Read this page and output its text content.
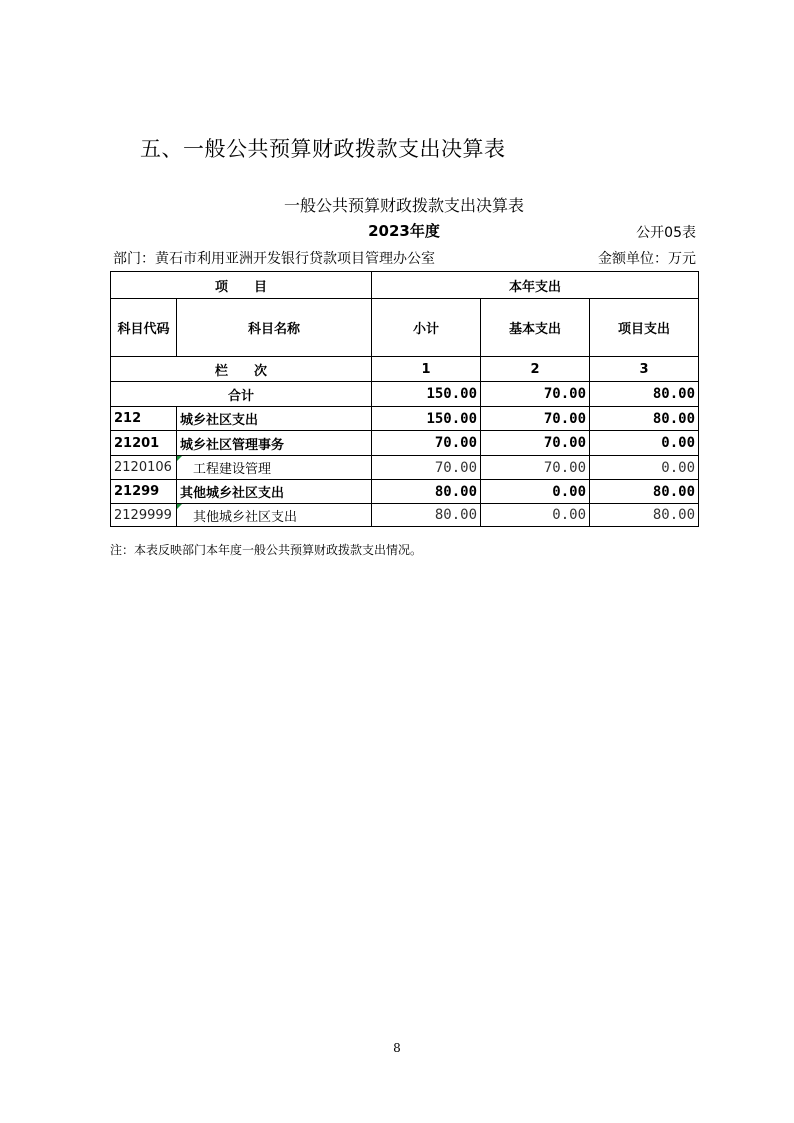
五、一般公共预算财政拨款支出决算表
一般公共预算财政拨款支出决算表
2023年度	公开05表
部门：黄石市利用亚洲开发银行贷款项目管理办公室	金额单位：万元
项　　目		本年支出		
科目代码	科目名称	小计	基本支出	项目支出
栏　　次		1	2	3
合计		150.00	70.00	80.00
212	城乡社区支出	150.00	70.00	80.00
21201	城乡社区管理事务	70.00	70.00	0.00
2120106	工程建设管理	70.00	70.00	0.00
21299	其他城乡社区支出	80.00	0.00	80.00
2129999	其他城乡社区支出	80.00	0.00	80.00
注：本表反映部门本年度一般公共预算财政拨款支出情况。
8
